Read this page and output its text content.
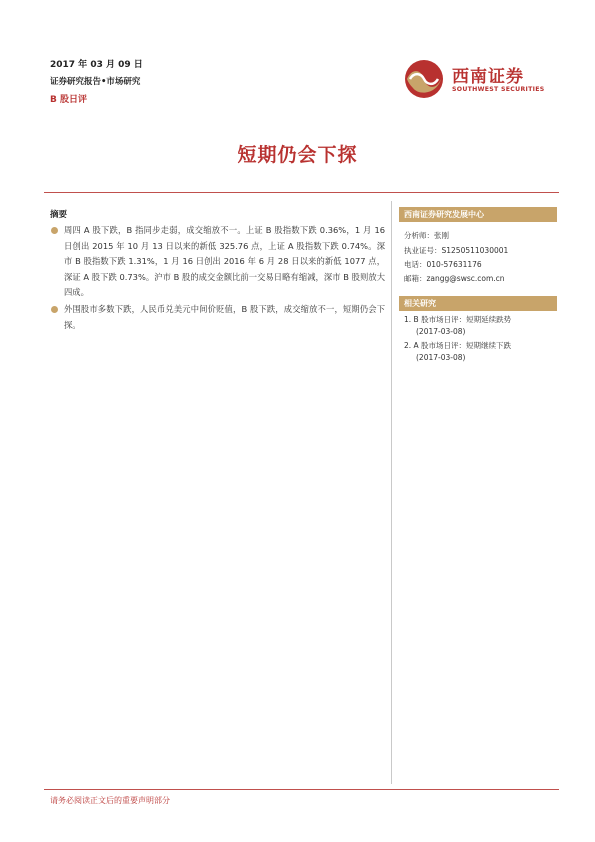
2017 年 03 月 09 日
证券研究报告•市场研究
B 股日评
西南证券
SOUTHWEST SECURITIES
短期仍会下探
摘要
周四 A 股下跌，B 指同步走弱，成交缩放不一。上证 B 股指数下跌 0.36%，1 月 16 日创出 2015 年 10 月 13 日以来的新低 325.76 点，上证 A 股指数下跌 0.74%。深市 B 股指数下跌 1.31%，1 月 16 日创出 2016 年 6 月 28 日以来的新低 1077 点，深证 A 股下跌 0.73%。沪市 B 股的成交金额比前一交易日略有缩减，深市 B 股则放大四成。
外围股市多数下跌，人民币兑美元中间价贬值，B 股下跌，成交缩放不一，短期仍会下探。
西南证券研究发展中心
分析师：张刚
执业证号：S1250511030001
电话：010-57631176
邮箱：zangg@swsc.com.cn
相关研究
1. B 股市场日评：短期延续跌势
(2017-03-08)
2. A 股市场日评：短期继续下跌
(2017-03-08)
请务必阅读正文后的重要声明部分
